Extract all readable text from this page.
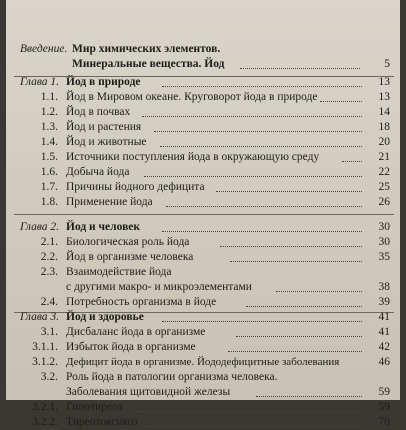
Введение. Мир химических элементов.
Минеральные вещества. Йод	5
Глава 1. Йод в природе	13
1.1. Йод в Мировом океане. Круговорот йода в природе	13
1.2. Йод в почвах	14
1.3. Йод и растения	18
1.4. Йод и животные	20
1.5. Источники поступления йода в окружающую среду	21
1.6. Добыча йода	22
1.7. Причины йодного дефицита	25
1.8. Применение йода	26
Глава 2. Йод и человек	30
2.1. Биологическая роль йода	30
2.2. Йод в организме человека	35
2.3. Взаимодействие йода
с другими макро- и микроэлементами	38
2.4. Потребность организма в йоде	39
Глава 3. Йод и здоровье	41
3.1. Дисбаланс йода в организме	41
3.1.1. Избыток йода в организме	42
3.1.2. Дефицит йода в организме. Йододефицитные заболевания	46
3.2. Роль йода в патологии организма человека.
Заболевания щитовидной железы	59
3.2.1. Гипотиреоз	59
3.2.2. Тиреотоксикоз	70
